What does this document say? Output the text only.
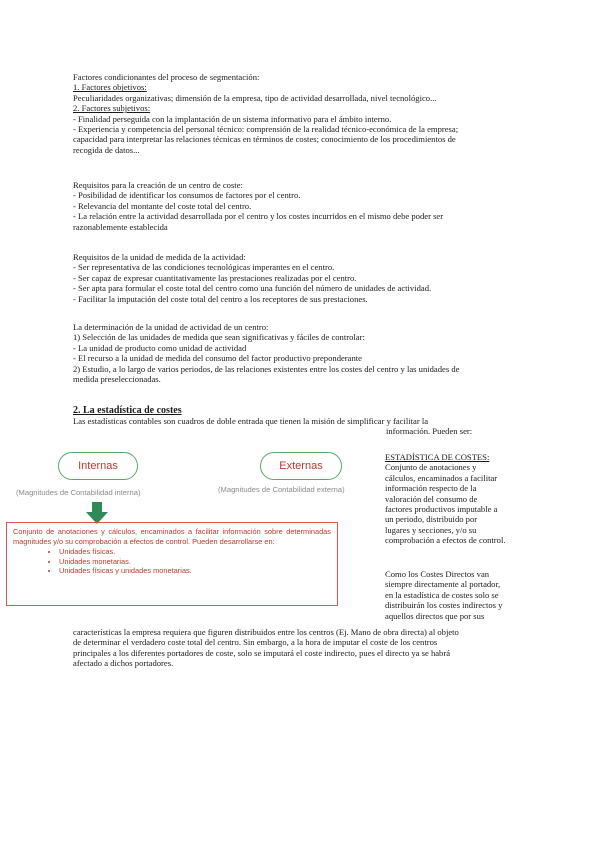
Factores condicionantes del proceso de segmentación:

1. Factores objetivos:

Peculiaridades organizativas; dimensión de la empresa, tipo de actividad desarrollada, nivel tecnológico...

2. Factores subjetivos:

- Finalidad perseguida con la implantación de un sistema informativo para el ámbito interno.

- Experiencia y competencia del personal técnico: comprensión de la realidad técnico-económica de la empresa;

capacidad para interpretar las relaciones técnicas en términos de costes; conocimiento de los procedimientos de

recogida de datos...

Requisitos para la creación de un centro de coste:

- Posibilidad de identificar los consumos de factores por el centro.

- Relevancia del montante del coste total del centro.

- La relación entre la actividad desarrollada por el centro y los costes incurridos en el mismo debe poder ser

razonablemente establecida

Requisitos de la unidad de medida de la actividad:

- Ser representativa de las condiciones tecnológicas imperantes en el centro.

- Ser capaz de expresar cuantitativamente las prestaciones realizadas por el centro.

- Ser apta para formular el coste total del centro como una función del número de unidades de actividad.

- Facilitar la imputación del coste total del centro a los receptores de sus prestaciones.

La determinación de la unidad de actividad de un centro:

1) Selección de las unidades de medida que sean significativas y fáciles de controlar:

- La unidad de producto como unidad de actividad

- El recurso a la unidad de medida del consumo del factor productivo preponderante

2) Estudio, a lo largo de varios periodos, de las relaciones existentes entre los costes del centro y las unidades de

medida preseleccionadas.

2. La estadística de costes

Las estadísticas contables son cuadros de doble entrada que tienen la misión de simplificar y facilitar la

información. Pueden ser:

Internas	Externas
(Magnitudes de Contabilidad interna)	(Magnitudes de Contabilidad externa)

Conjunto de anotaciones y cálculos, encaminados a facilitar información sobre determinadas magnitudes y/o su comprobación a efectos de control. Pueden desarrollarse en:

• Unidades físicas.
• Unidades monetarias.
• Unidades físicas y unidades monetarias.

ESTADÍSTICA DE COSTES:

Conjunto de anotaciones y

cálculos, encaminados a facilitar

información respecto de la

valoración del consumo de

factores productivos imputable a

un periodo, distribuido por

lugares y secciones, y/o su

comprobación a efectos de control.

Como los Costes Directos van

siempre directamente al portador,

en la estadística de costes solo se

distribuirán los costes indirectos y

aquellos directos que por sus

características la empresa requiera que figuren distribuidos entre los centros (Ej. Mano de obra directa) al objeto

de determinar el verdadero coste total del centro. Sin embargo, a la hora de imputar el coste de los centros

principales a los diferentes portadores de coste, solo se imputará el coste indirecto, pues el directo ya se habrá

afectado a dichos portadores.
